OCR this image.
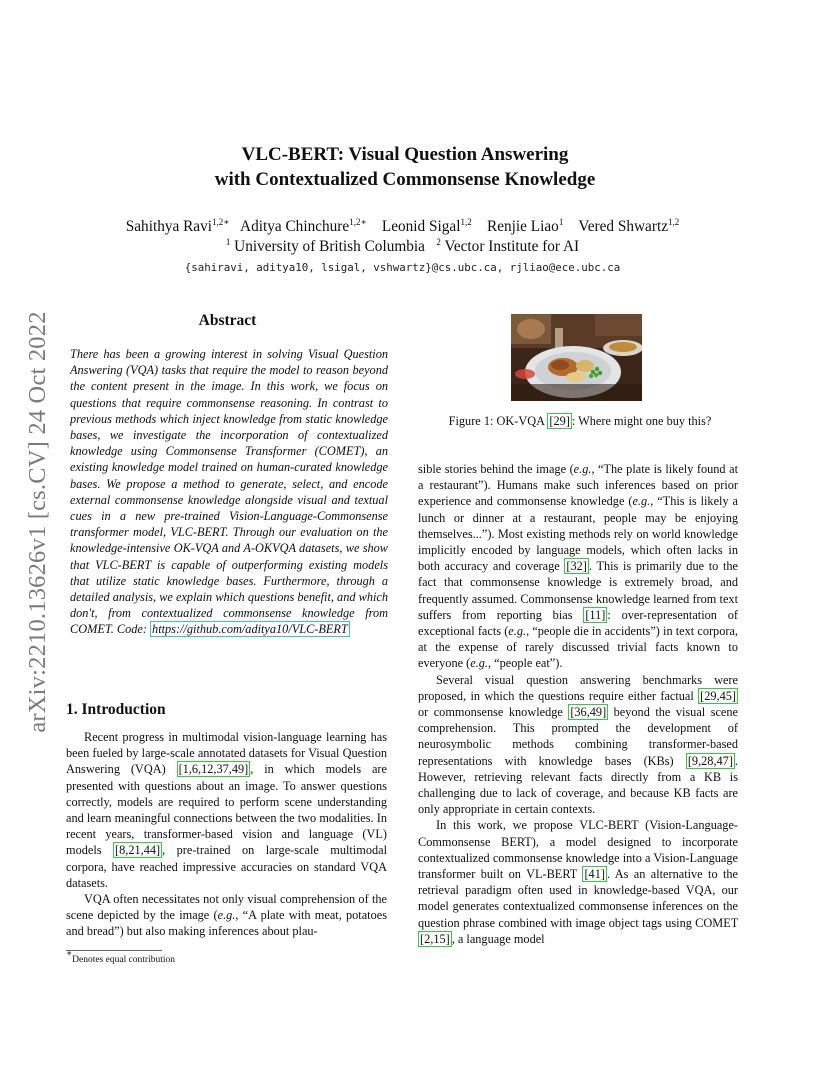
arXiv:2210.13626v1 [cs.CV] 24 Oct 2022
VLC-BERT: Visual Question Answering
with Contextualized Commonsense Knowledge
Sahithya Ravi$^{1,2∗}$ Aditya Chinchure$^{1,2∗}$ Leonid Sigal$^{1,2}$ Renjie Liao$^1$ Vered Shwartz$^{1,2}$
$^1$ University of British Columbia $^2$ Vector Institute for AI
{sahiravi, aditya10, lsigal, vshwartz}@cs.ubc.ca, rjliao@ece.ubc.ca
Abstract
There has been a growing interest in solving Visual Question Answering (VQA) tasks that require the model to reason beyond the content present in the image. In this work, we focus on questions that require commonsense reasoning. In contrast to previous methods which inject knowledge from static knowledge bases, we investigate the incorporation of contextualized knowledge using Commonsense Transformer (COMET), an existing knowledge model trained on human-curated knowledge bases. We propose a method to generate, select, and encode external commonsense knowledge alongside visual and textual cues in a new pre-trained Vision-Language-Commonsense transformer model, VLC-BERT. Through our evaluation on the knowledge-intensive OK-VQA and A-OKVQA datasets, we show that VLC-BERT is capable of outperforming existing models that utilize static knowledge bases. Furthermore, through a detailed analysis, we explain which questions benefit, and which don't, from contextualized commonsense knowledge from COMET. Code: https://github.com/aditya10/VLC-BERT
1. Introduction

Recent progress in multimodal vision-language learning has been fueled by large-scale annotated datasets for Visual Question Answering (VQA) [1,6,12,37,49] , in which models are presented with questions about an image. To answer questions correctly, models are required to perform scene understanding and learn meaningful connections between the two modalities. In recent years, transformer-based vision and language (VL) models [8,21,44] , pre-trained on large-scale multimodal corpora, have reached impressive accuracies on standard VQA datasets.

VQA often necessitates not only visual comprehension of the scene depicted by the image (e.g., “A plate with meat, potatoes and bread”) but also making inferences about plau-

Figure 1: OK-VQA [29] : Where might one buy this?

sible stories behind the image (e.g., “The plate is likely found at a restaurant”). Humans make such inferences based on prior experience and commonsense knowledge (e.g., “This is likely a lunch or dinner at a restaurant, people may be enjoying themselves...”). Most existing methods rely on world knowledge implicitly encoded by language models, which often lacks in both accuracy and coverage [32] . This is primarily due to the fact that commonsense knowledge is extremely broad, and frequently assumed. Commonsense knowledge learned from text suffers from reporting bias [11] : over-representation of exceptional facts (e.g., “people die in accidents”) in text corpora, at the expense of rarely discussed trivial facts known to everyone (e.g., “people eat”).

Several visual question answering benchmarks were proposed, in which the questions require either factual [29,45] or commonsense knowledge [36,49] beyond the visual scene comprehension. This prompted the development of neurosymbolic methods combining transformer-based representations with knowledge bases (KBs) [9,28,47] . However, retrieving relevant facts directly from a KB is challenging due to lack of coverage, and because KB facts are only appropriate in certain contexts.

In this work, we propose VLC-BERT (Vision-Language-Commonsense BERT), a model designed to incorporate contextualized commonsense knowledge into a Vision-Language transformer built on VL-BERT [41] . As an alternative to the retrieval paradigm often used in knowledge-based VQA, our model generates contextualized commonsense inferences on the question phrase combined with image object tags using COMET [2,15] , a language model

∗Denotes equal contribution
